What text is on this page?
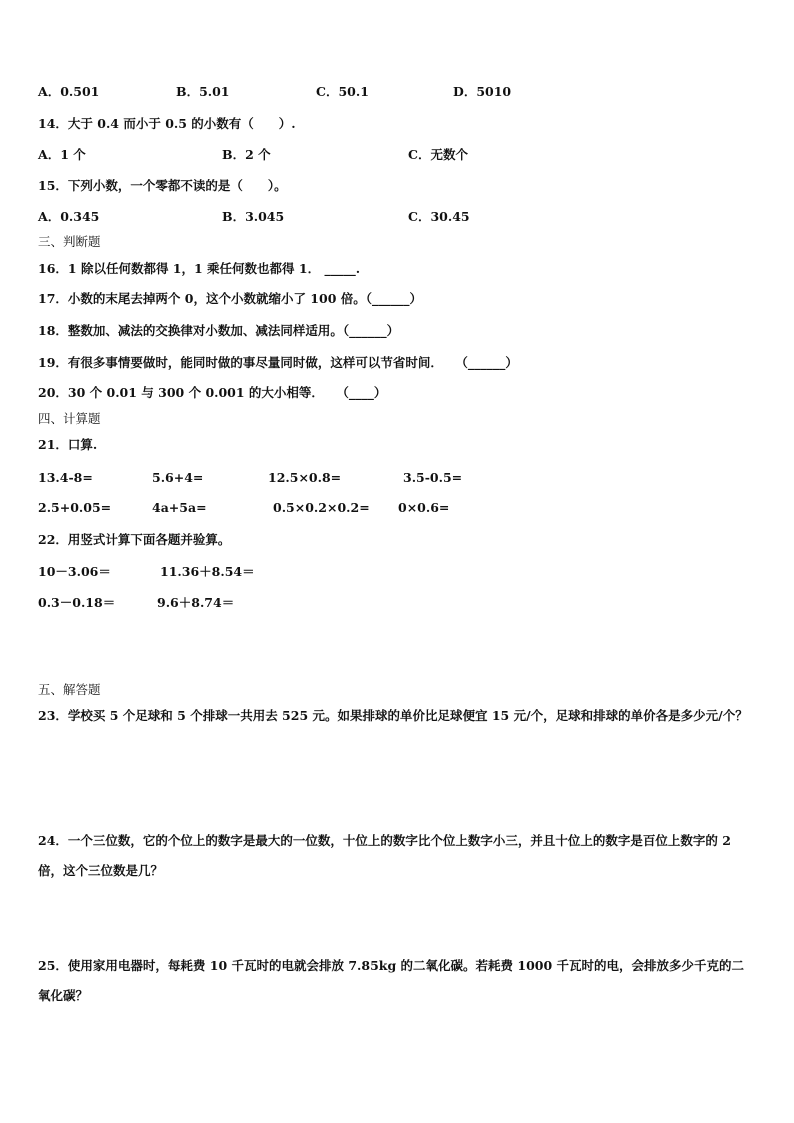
A．0.501	B．5.01	C．50.1	D．5010
14．大于 0.4 而小于 0.5 的小数有（　　）.
A．1 个	B．2 个	C．无数个
15．下列小数，一个零都不读的是（　　）。
A．0.345	B．3.045	C．30.45
三、判断题
16．1 除以任何数都得 1，1 乘任何数也都得 1． _____.
17．小数的末尾去掉两个 0，这个小数就缩小了 100 倍。（______）
18．整数加、减法的交换律对小数加、减法同样适用。（______）
19．有很多事情要做时，能同时做的事尽量同时做，这样可以节省时间．　　（______）
20．30 个 0.01 与 300 个 0.001 的大小相等．　　（____）
四、计算题
21．口算.
13.4-8=	5.6+4=	12.5×0.8=	3.5-0.5=
2.5+0.05=	4a+5a=	0.5×0.2×0.2= 0×0.6=
22．用竖式计算下面各题并验算。
10－3.06＝	11.36＋8.54＝
0.3－0.18＝	9.6＋8.74＝
五、解答题
23．学校买 5 个足球和 5 个排球一共用去 525 元。如果排球的单价比足球便宜 15 元/个，足球和排球的单价各是多少元/个？
24．一个三位数，它的个位上的数字是最大的一位数，十位上的数字比个位上数字小三，并且十位上的数字是百位上数字的 2 倍，这个三位数是几？
25．使用家用电器时，每耗费 10 千瓦时的电就会排放 7.85kg 的二氧化碳。若耗费 1000 千瓦时的电，会排放多少千克的二氧化碳？
